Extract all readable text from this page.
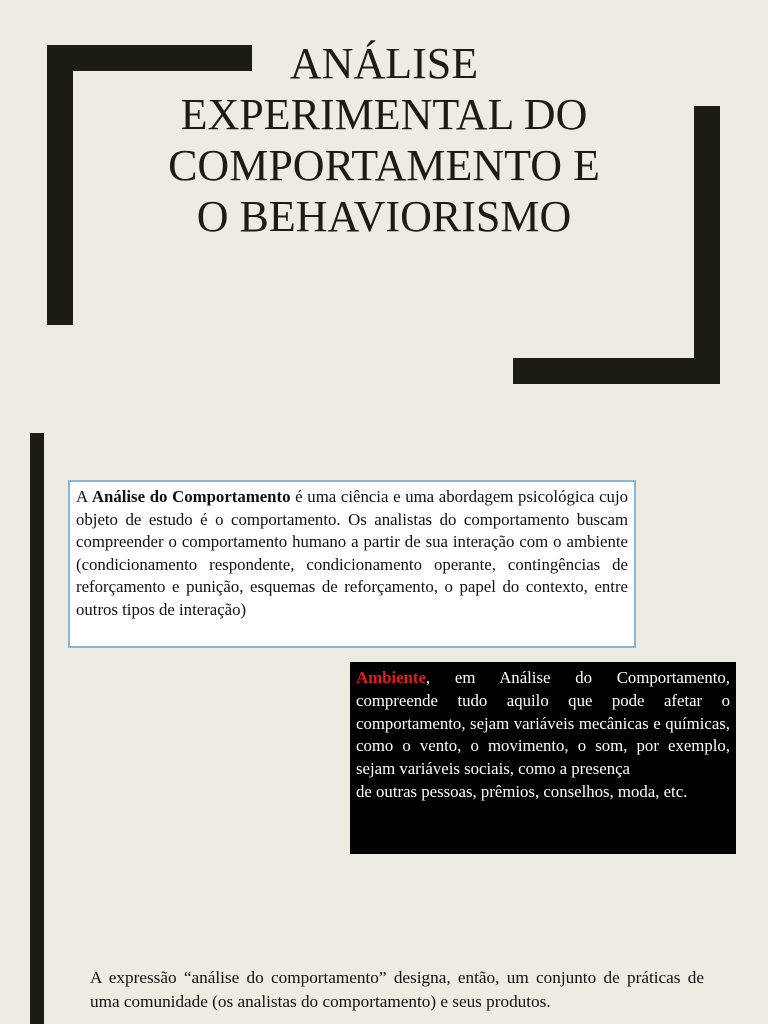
ANÁLISE
EXPERIMENTAL DO
COMPORTAMENTO E
O BEHAVIORISMO
A Análise do Comportamento é uma ciência e uma abordagem psicológica cujo objeto de estudo é o comportamento. Os analistas do comportamento buscam compreender o comportamento humano a partir de sua interação com o ambiente (condicionamento respondente, condicionamento operante, contingências de reforçamento e punição, esquemas de reforçamento, o papel do contexto, entre outros tipos de interação)
Ambiente, em Análise do Comportamento, compreende tudo aquilo que pode afetar o comportamento, sejam variáveis mecânicas e químicas, como o vento, o movimento, o som, por exemplo, sejam variáveis sociais, como a presença
de outras pessoas, prêmios, conselhos, moda, etc.

A expressão “análise do comportamento” designa, então, um conjunto de práticas de uma comunidade (os analistas do comportamento) e seus produtos.
